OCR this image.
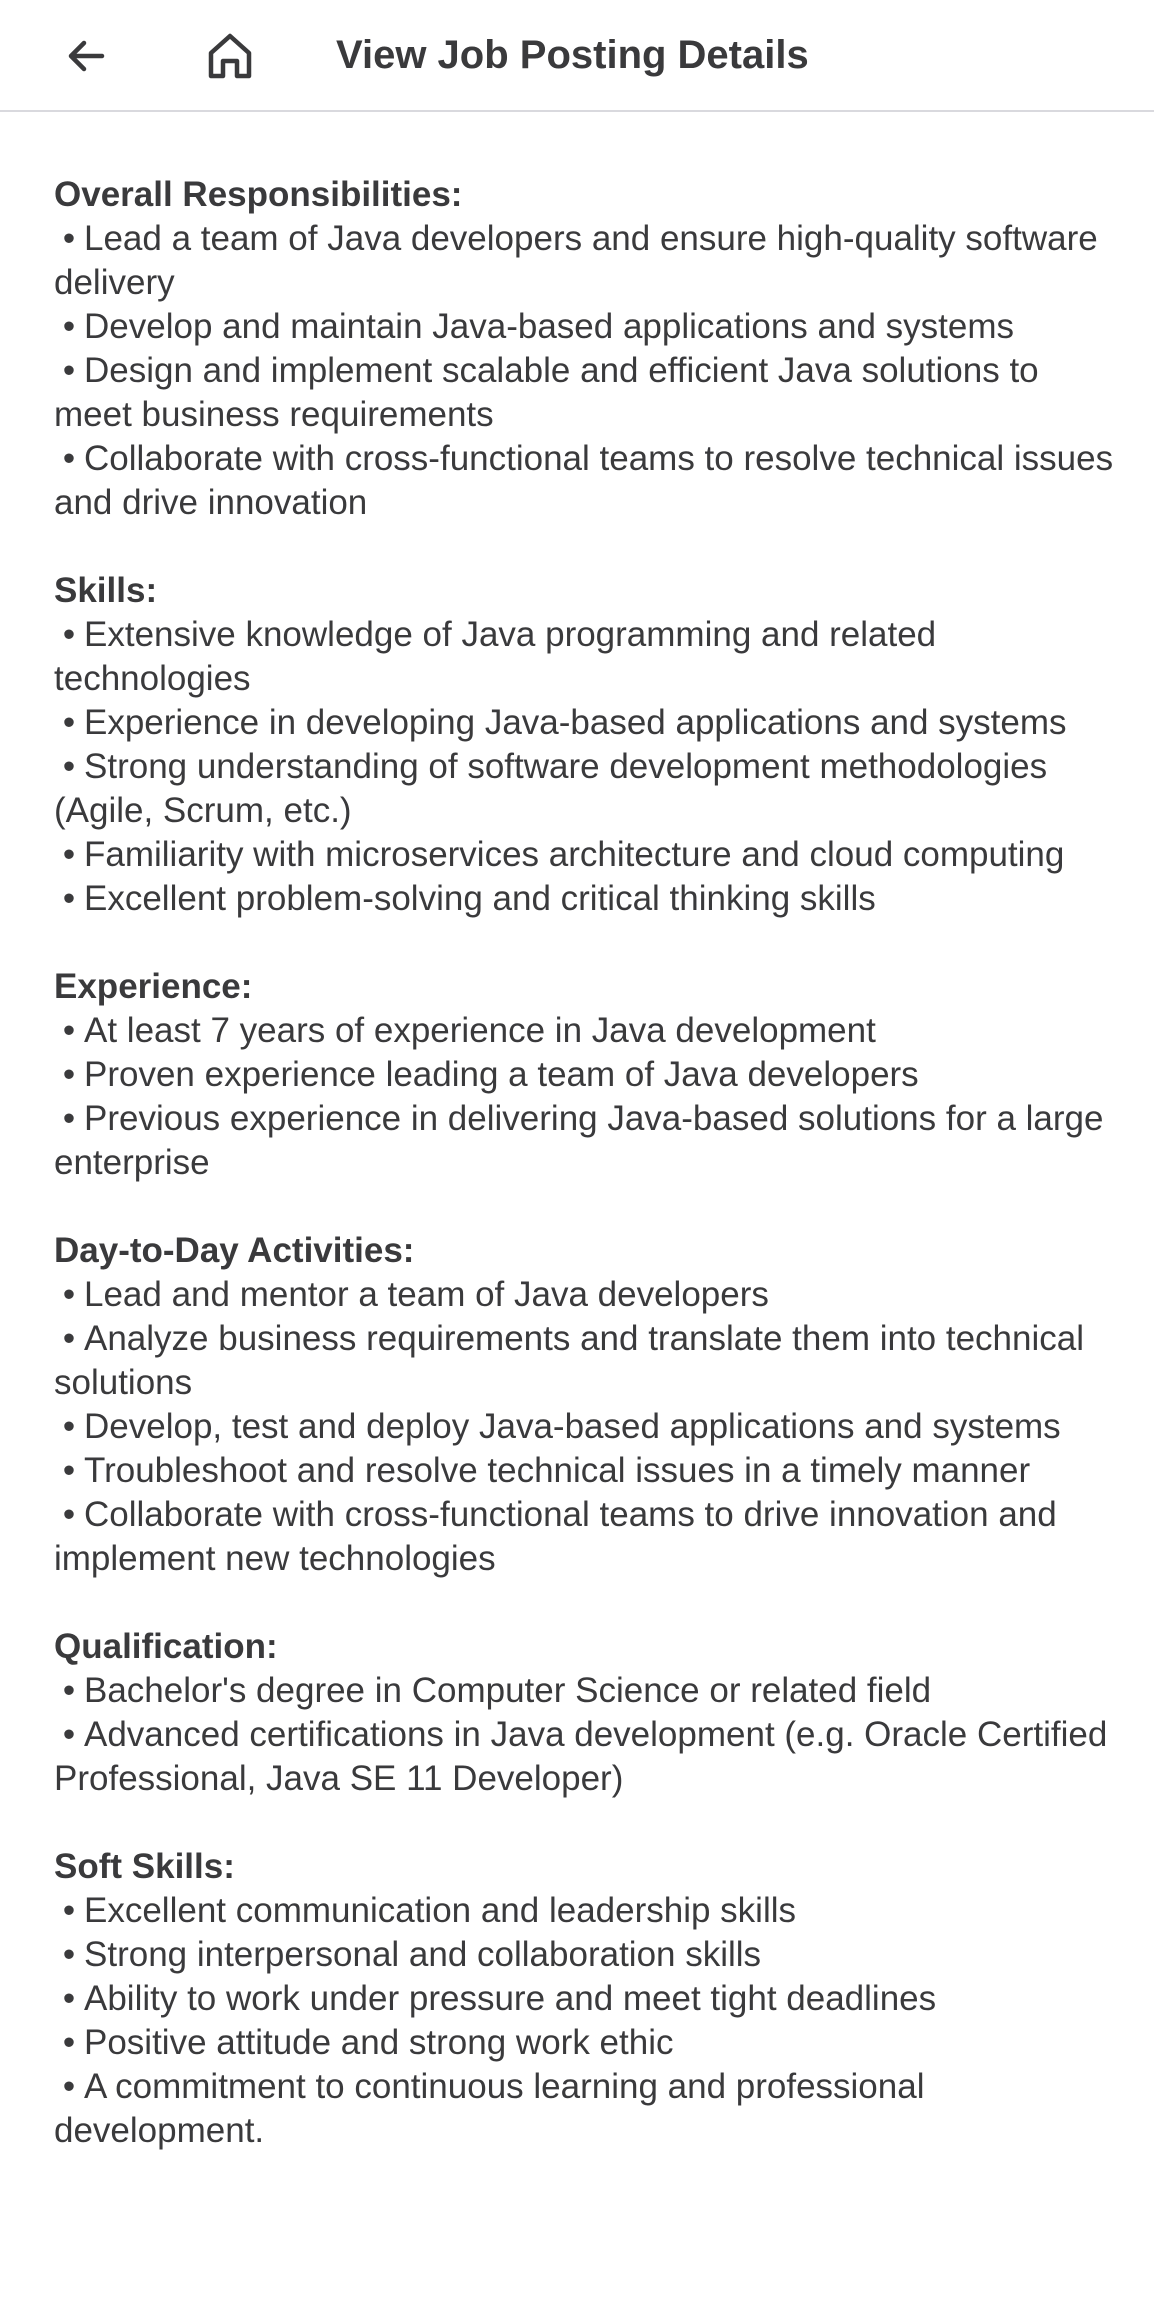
View Job Posting Details
Overall Responsibilities:
• Lead a team of Java developers and ensure high-quality software delivery
• Develop and maintain Java-based applications and systems
• Design and implement scalable and efficient Java solutions to meet business requirements
• Collaborate with cross-functional teams to resolve technical issues and drive innovation
Skills:
• Extensive knowledge of Java programming and related technologies
• Experience in developing Java-based applications and systems
• Strong understanding of software development methodologies (Agile, Scrum, etc.)
• Familiarity with microservices architecture and cloud computing
• Excellent problem-solving and critical thinking skills
Experience:
• At least 7 years of experience in Java development
• Proven experience leading a team of Java developers
• Previous experience in delivering Java-based solutions for a large enterprise
Day-to-Day Activities:
• Lead and mentor a team of Java developers
• Analyze business requirements and translate them into technical solutions
• Develop, test and deploy Java-based applications and systems
• Troubleshoot and resolve technical issues in a timely manner
• Collaborate with cross-functional teams to drive innovation and implement new technologies
Qualification:
• Bachelor's degree in Computer Science or related field
• Advanced certifications in Java development (e.g. Oracle Certified Professional, Java SE 11 Developer)
Soft Skills:
• Excellent communication and leadership skills
• Strong interpersonal and collaboration skills
• Ability to work under pressure and meet tight deadlines
• Positive attitude and strong work ethic
• A commitment to continuous learning and professional development.
